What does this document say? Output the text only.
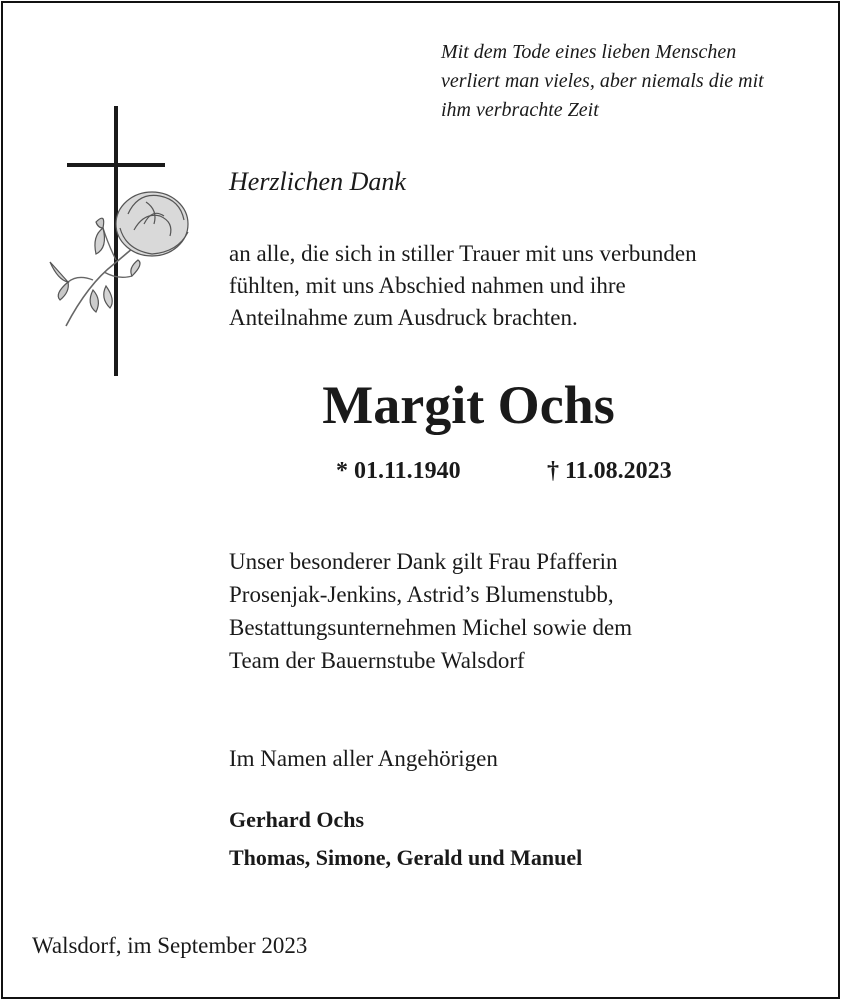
Mit dem Tode eines lieben Menschen
verliert man vieles, aber niemals die mit
ihm verbrachte Zeit
Herzlichen Dank
an alle, die sich in stiller Trauer mit uns verbunden
fühlten, mit uns Abschied nahmen und ihre
Anteilnahme zum Ausdruck brachten.
Margit Ochs
* 01.11.1940	† 11.08.2023
Unser besonderer Dank gilt Frau Pfafferin
Prosenjak-Jenkins, Astrid’s Blumenstubb,
Bestattungsunternehmen Michel sowie dem
Team der Bauernstube Walsdorf
Im Namen aller Angehörigen
Gerhard Ochs
Thomas, Simone, Gerald und Manuel
Walsdorf, im September 2023
